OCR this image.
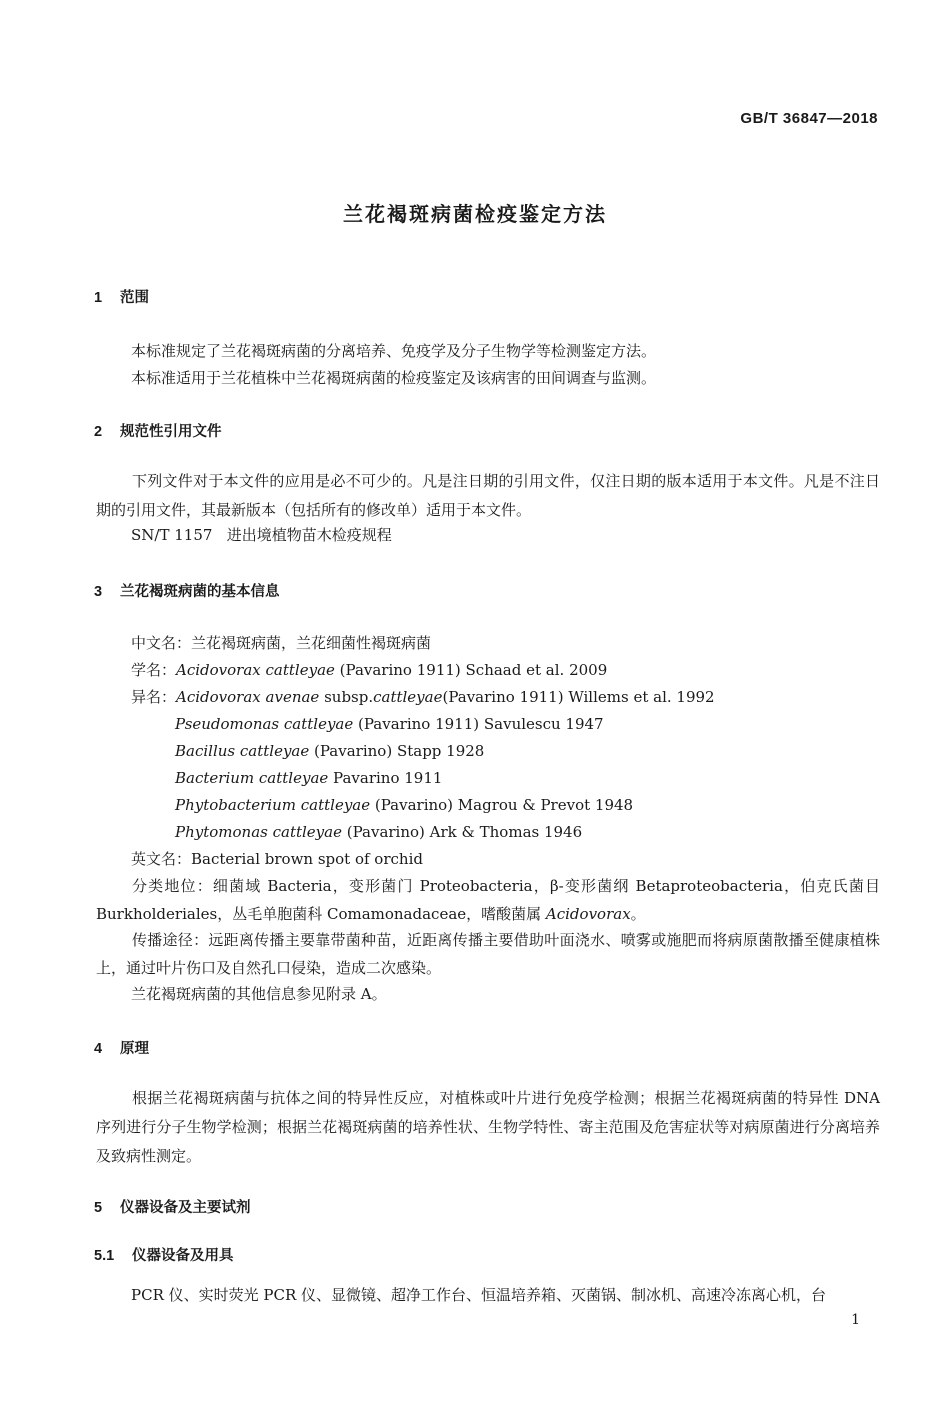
GB/T 36847—2018
兰花褐斑病菌检疫鉴定方法
1 范围
本标准规定了兰花褐斑病菌的分离培养、免疫学及分子生物学等检测鉴定方法。
本标准适用于兰花植株中兰花褐斑病菌的检疫鉴定及该病害的田间调查与监测。
2 规范性引用文件
下列文件对于本文件的应用是必不可少的。凡是注日期的引用文件，仅注日期的版本适用于本文件。凡是不注日期的引用文件，其最新版本（包括所有的修改单）适用于本文件。
SN/T 1157 进出境植物苗木检疫规程
3 兰花褐斑病菌的基本信息
中文名：兰花褐斑病菌，兰花细菌性褐斑病菌
学名：Acidovorax cattleyae (Pavarino 1911) Schaad et al. 2009
异名：Acidovorax avenae subsp.cattleyae(Pavarino 1911) Willems et al. 1992
Pseudomonas cattleyae (Pavarino 1911) Savulescu 1947
Bacillus cattleyae (Pavarino) Stapp 1928
Bacterium cattleyae Pavarino 1911
Phytobacterium cattleyae (Pavarino) Magrou & Prevot 1948
Phytomonas cattleyae (Pavarino) Ark & Thomas 1946
英文名：Bacterial brown spot of orchid
分类地位：细菌域 Bacteria，变形菌门 Proteobacteria，β-变形菌纲 Betaproteobacteria，伯克氏菌目 Burkholderiales，丛毛单胞菌科 Comamonadaceae，嗜酸菌属 Acidovorax。
传播途径：远距离传播主要靠带菌种苗，近距离传播主要借助叶面浇水、喷雾或施肥而将病原菌散播至健康植株上，通过叶片伤口及自然孔口侵染，造成二次感染。
兰花褐斑病菌的其他信息参见附录 A。
4 原理
根据兰花褐斑病菌与抗体之间的特异性反应，对植株或叶片进行免疫学检测；根据兰花褐斑病菌的特异性 DNA 序列进行分子生物学检测；根据兰花褐斑病菌的培养性状、生物学特性、寄主范围及危害症状等对病原菌进行分离培养及致病性测定。
5 仪器设备及主要试剂
5.1 仪器设备及用具
PCR 仪、实时荧光 PCR 仪、显微镜、超净工作台、恒温培养箱、灭菌锅、制冰机、高速冷冻离心机，台
1
